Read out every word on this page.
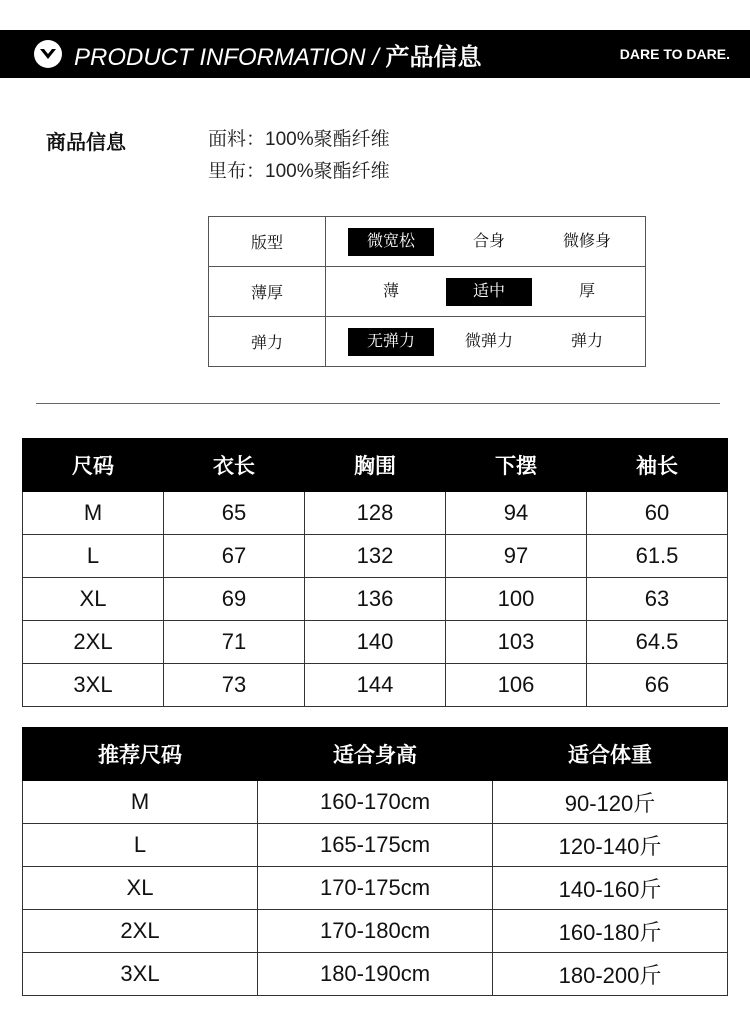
PRODUCT INFORMATION / 产品信息	DARE TO DARE.
商品信息	面料：100%聚酯纤维
里布：100%聚酯纤维
版型	微宽松 合身 微修身

薄厚	薄 适中 厚

弹力	无弹力 微弹力 弹力
尺码	衣长	胸围	下摆	袖长
M	65	128	94	60
L	67	132	97	61.5
XL	69	136	100	63
2XL	71	140	103	64.5
3XL	73	144	106	66
推荐尺码	适合身高	适合体重
M	160-170cm	90-120斤
L	165-175cm	120-140斤
XL	170-175cm	140-160斤
2XL	170-180cm	160-180斤
3XL	180-190cm	180-200斤
